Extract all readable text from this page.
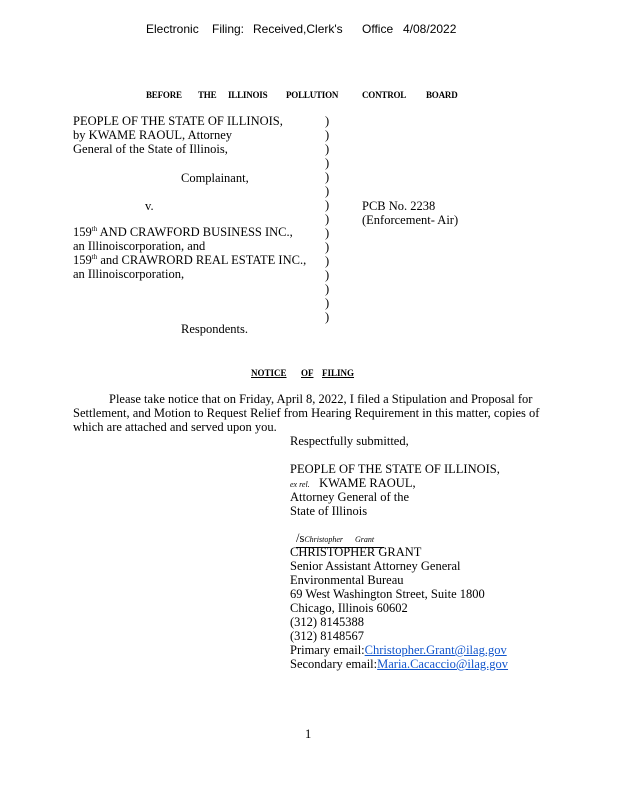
Electronic Filing: Received,Clerk's Office 4/08/2022
BEFORE THE ILLINOIS POLLUTION	CONTROL BOARD
PEOPLE OF THE STATE OF ILLINOIS,
by KWAME RAOUL, Attorney
General of the State of Illinois,
Complainant,
v.
159th AND CRAWFORD BUSINESS INC.,
an Illinoiscorporation, and
159th and CRAWRORD REAL ESTATE INC.,
an Illinoiscorporation,
Respondents.
)
)
)
)
)
)
)
)
)
)
)
)
)
)
)
PCB No. 2238
(Enforcement- Air)
NOTICE OF FILING
Please take notice that on Friday, April 8, 2022, I filed a Stipulation and Proposal for
Settlement, and Motion to Request Relief from Hearing Requirement in this matter, copies of
which are attached and served upon you.
Respectfully submitted,
PEOPLE OF THE STATE OF ILLINOIS,
ex rel. KWAME RAOUL,
Attorney General of the
State of Illinois
/sChristopher      Grant
CHRISTOPHER GRANT
Senior Assistant Attorney General
Environmental Bureau
69 West Washington Street, Suite 1800
Chicago, Illinois 60602
(312) 8145388
(312) 8148567
Primary email:Christopher.Grant@ilag.gov
Secondary email:Maria.Cacaccio@ilag.gov
1
